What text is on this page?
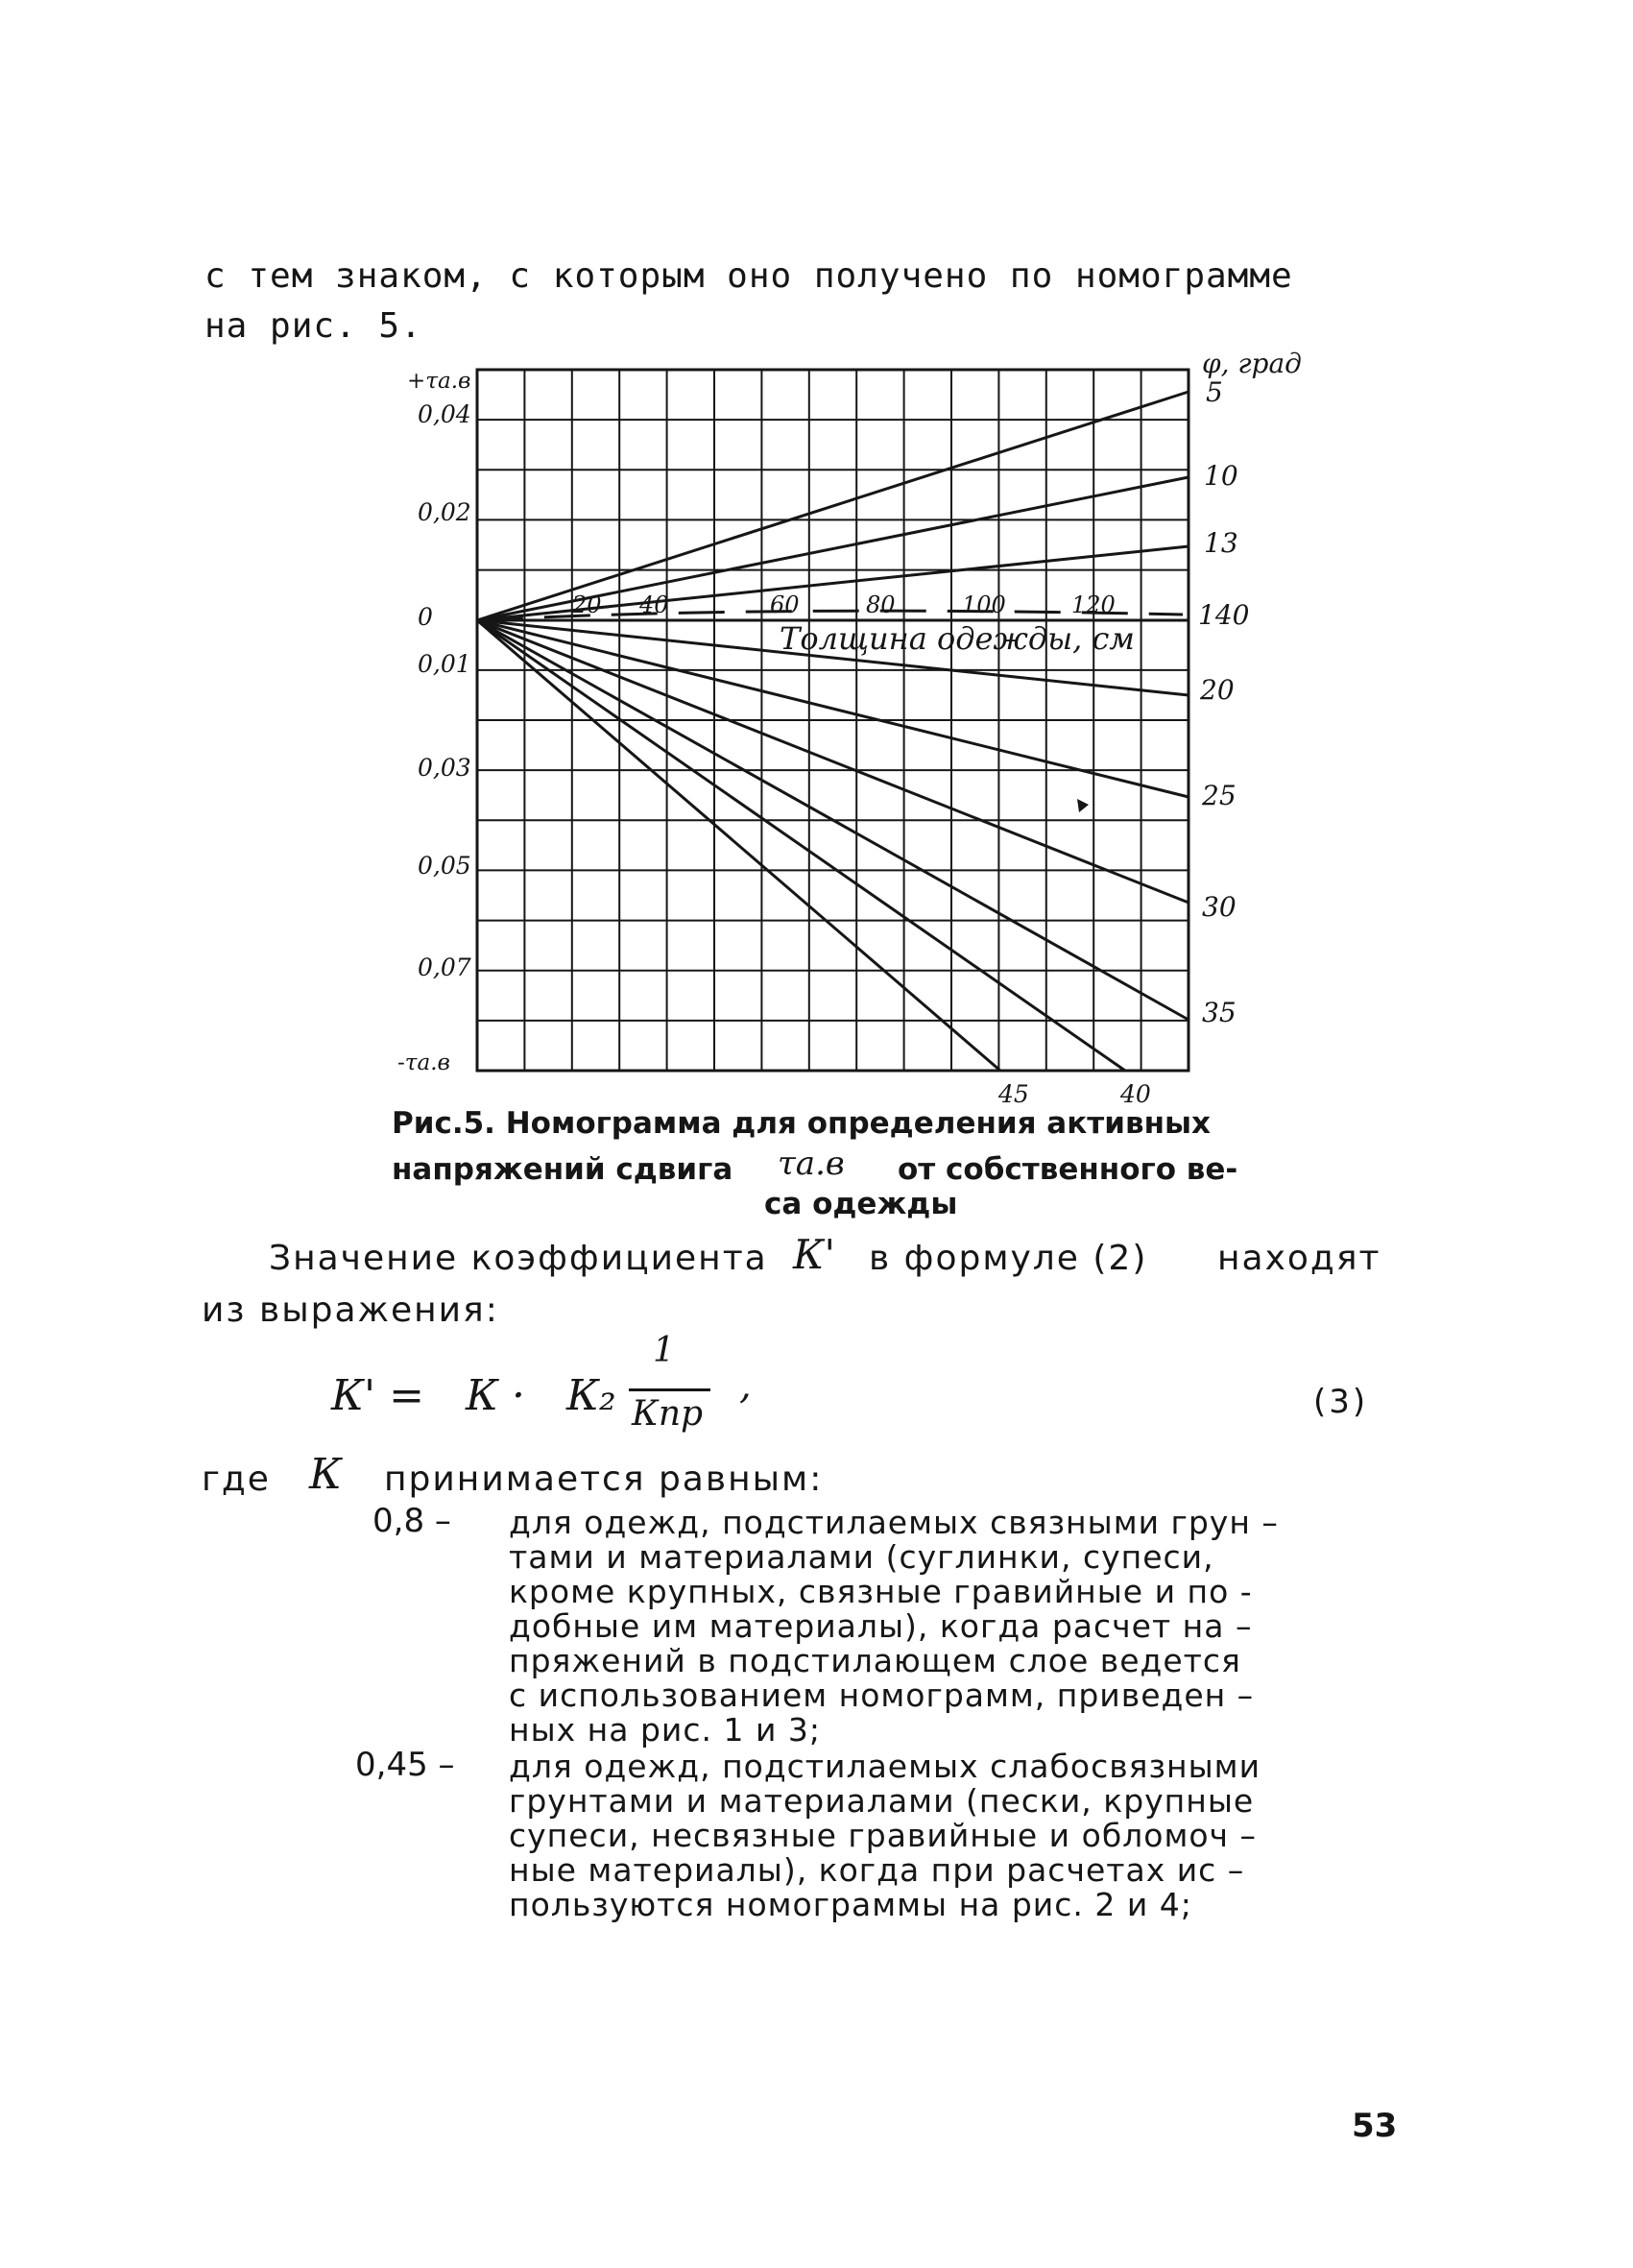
с тем знаком, с которым оно получено по номограмме
на рис. 5.
+τа.в
-τа.в
0,04
0,02
0
0,01
0,03
0,05
0,07
φ, град
5
10
13
140
20
25
30
35
45	40
20 40	60	80	100	120
Толщина одежды, см
Рис.5. Номограмма для определения активных
напряжений сдвига τа.в от собственного ве-
са одежды
Значение коэффициента К' в формуле (2) находят
из выражения:
К' = К · К₂
1
Кпр
,	(3)
где К принимается равным:
0,8 – для одежд, подстилаемых связными грун –
тами и материалами (суглинки, супеси,
кроме крупных, связные гравийные и по -
добные им материалы), когда расчет на –
пряжений в подстилающем слое ведется
с использованием номограмм, приведен –
ных на рис. 1 и 3;
0,45 – для одежд, подстилаемых слабосвязными
грунтами и материалами (пески, крупные
супеси, несвязные гравийные и обломоч –
ные материалы), когда при расчетах ис –
пользуются номограммы на рис. 2 и 4;
53
